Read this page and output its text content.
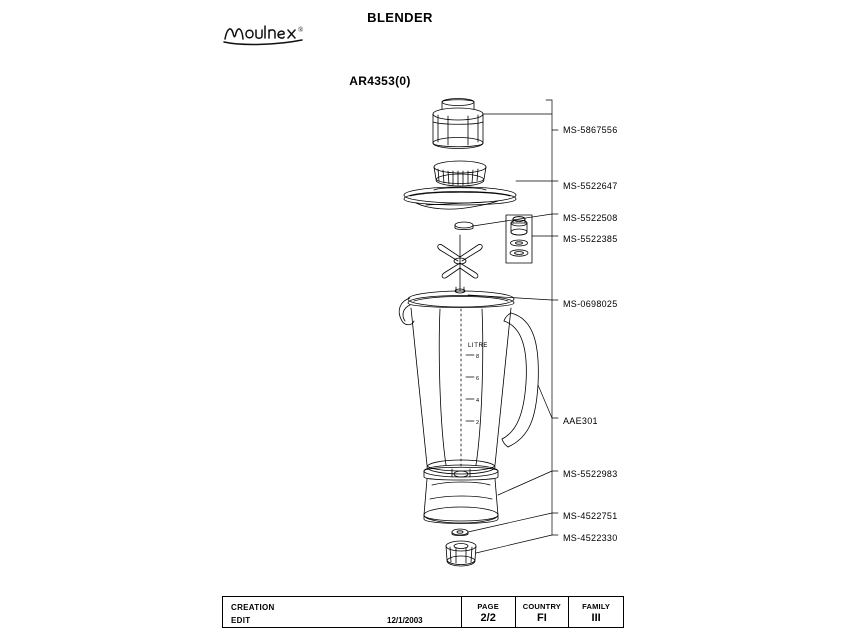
®
BLENDER
AR4353(0)
LITRE
8
6
4
2
MS-5867556
MS-5522647
MS-5522508
MS-5522385
MS-0698025
AAE301
MS-5522983
MS-4522751
MS-4522330
CREATION
EDIT	12/1/2003
PAGE
2/2
COUNTRY
FI
FAMILY
III
